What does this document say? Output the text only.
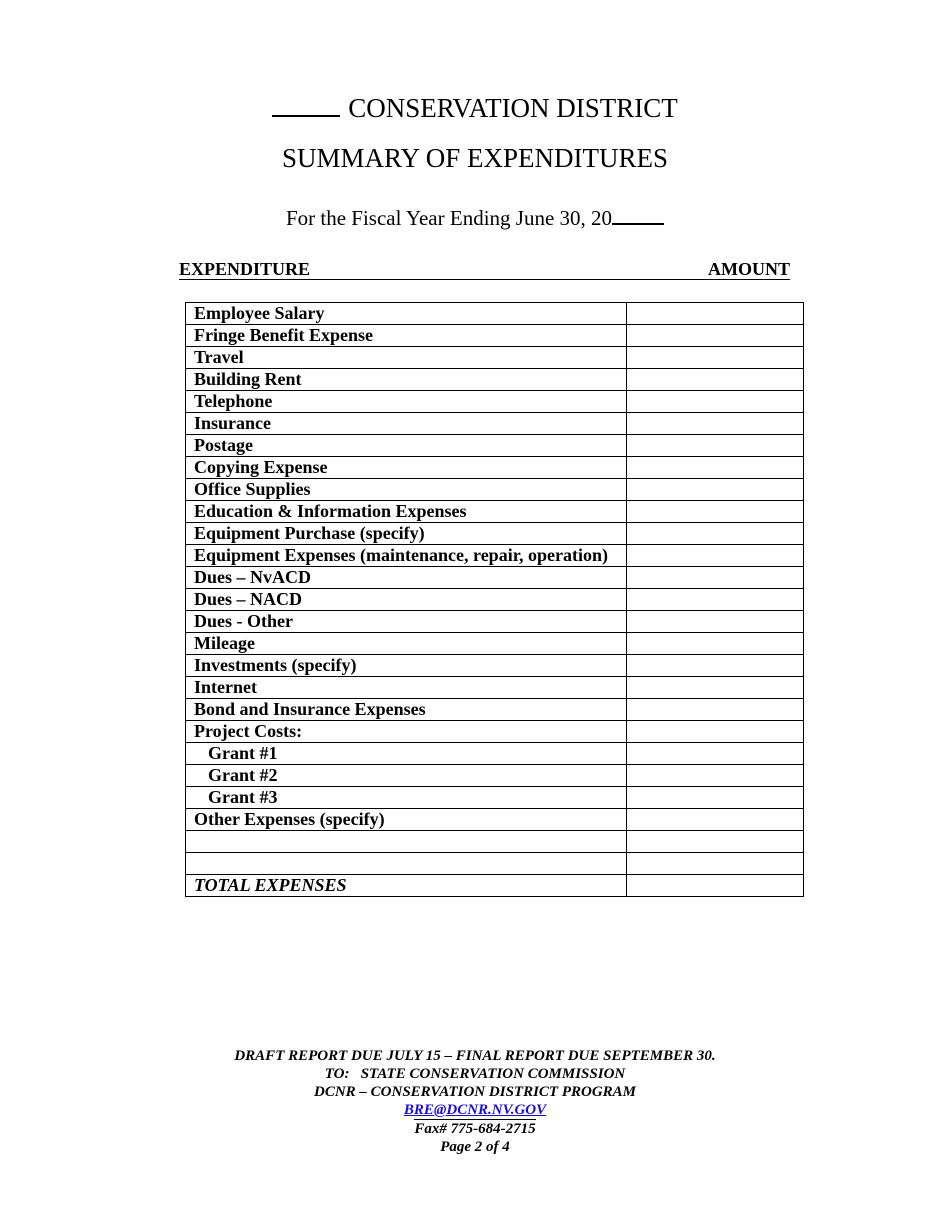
CONSERVATION DISTRICT
SUMMARY OF EXPENDITURES
For the Fiscal Year Ending June 30, 20
EXPENDITURE	AMOUNT
Employee Salary	
Fringe Benefit Expense	
Travel	
Building Rent	
Telephone	
Insurance	
Postage	
Copying Expense	
Office Supplies	
Education & Information Expenses	
Equipment Purchase (specify)	
Equipment Expenses (maintenance, repair, operation)	
Dues – NvACD	
Dues – NACD	
Dues - Other	
Mileage	
Investments (specify)	
Internet	
Bond and Insurance Expenses	
Project Costs:	
Grant #1	
Grant #2	
Grant #3	
Other Expenses (specify)	

TOTAL EXPENSES	
DRAFT REPORT DUE JULY 15 – FINAL REPORT DUE SEPTEMBER 30.
TO:   STATE CONSERVATION COMMISSION
DCNR – CONSERVATION DISTRICT PROGRAM
BRE@DCNR.NV.GOV
Fax# 775-684-2715
Page 2 of 4
